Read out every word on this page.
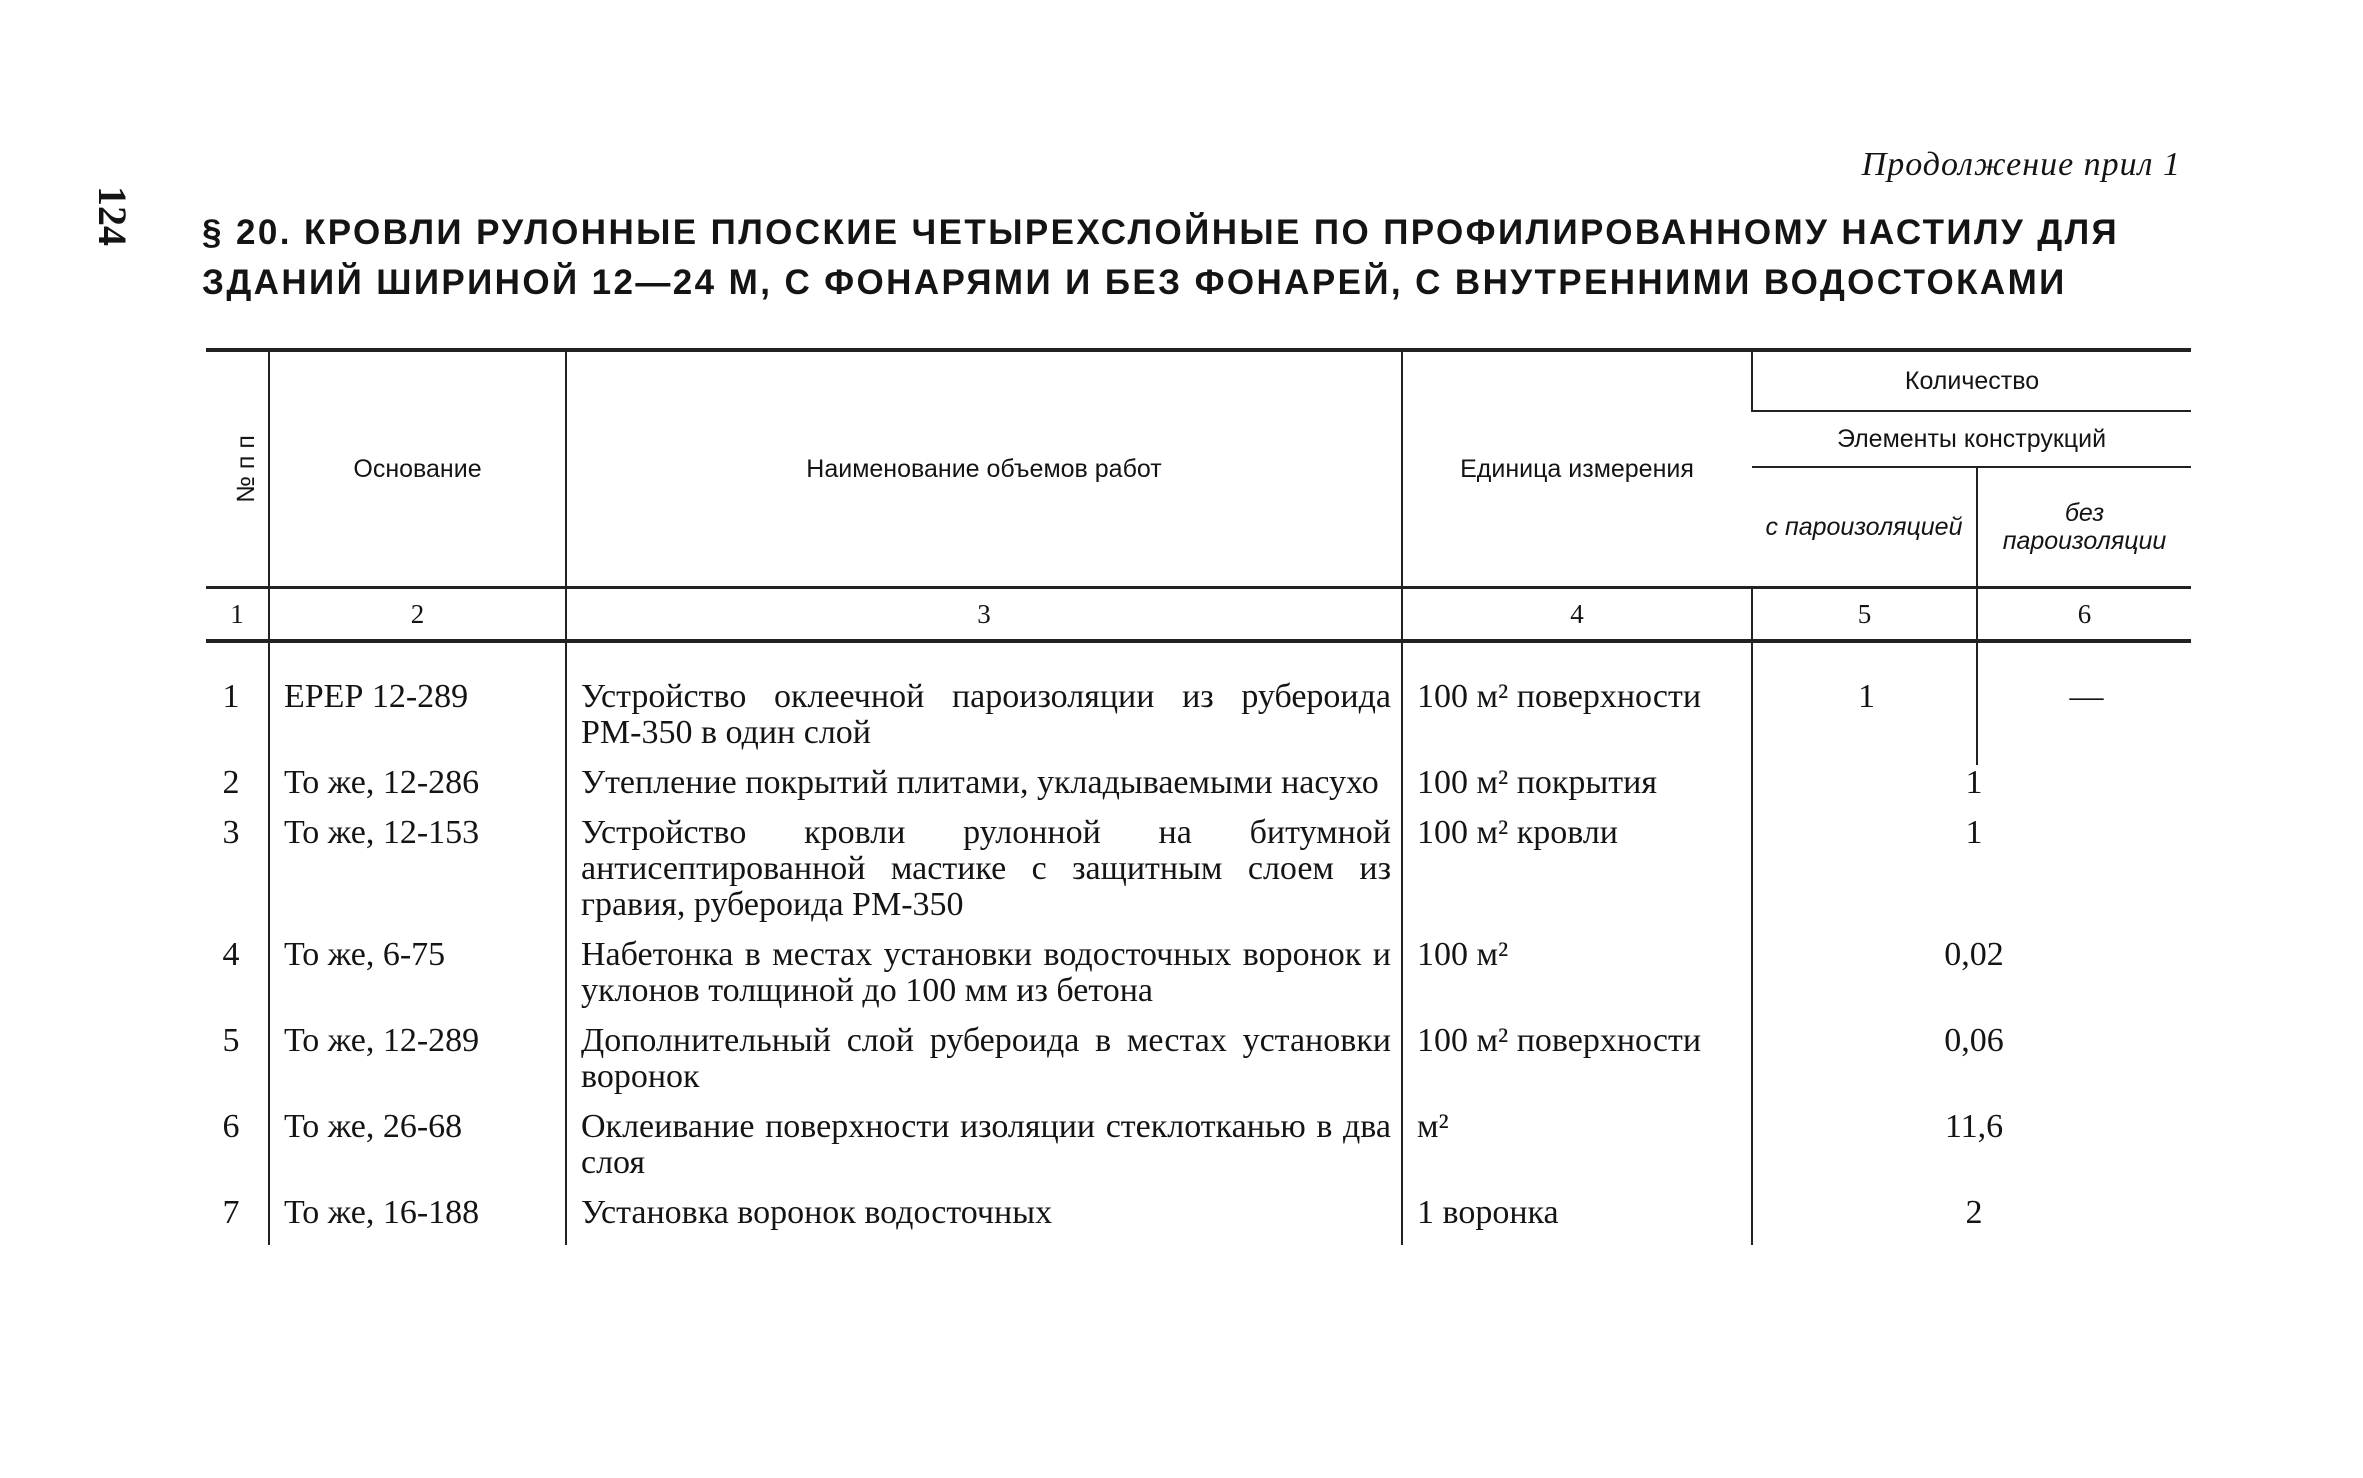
124
Продолжение прил 1
§ 20. КРОВЛИ РУЛОННЫЕ ПЛОСКИЕ ЧЕТЫРЕХСЛОЙНЫЕ ПО ПРОФИЛИРОВАННОМУ НАСТИЛУ ДЛЯ
ЗДАНИЙ ШИРИНОЙ 12—24 М, С ФОНАРЯМИ И БЕЗ ФОНАРЕЙ, С ВНУТРЕННИМИ ВОДОСТОКАМИ
№ п п	Основание	Наименование объемов работ	Единица измерения	Количество	
				Элементы конструкций	
				с пароизоляцией	без пароизоляции
1	2	3	4	5	6
1	ЕРЕР 12-289	Устройство оклеечной пароизоляции из рубероида РМ-350 в один слой	100 м² поверхности	1	—
2	То же, 12-286	Утепление покрытий плитами, укладываемыми насухо	100 м² покрытия	1	
3	То же, 12-153	Устройство кровли рулонной на битумной антисептированной мастике с защитным слоем из гравия, рубероида РМ-350	100 м² кровли	1	
4	То же, 6-75	Набетонка в местах установки водосточных воронок и уклонов толщиной до 100 мм из бетона	100 м²	0,02	
5	То же, 12-289	Дополнительный слой рубероида в местах установки воронок	100 м² поверхности	0,06	
6	То же, 26-68	Оклеивание поверхности изоляции стеклотканью в два слоя	м²	11,6	
7	То же, 16-188	Установка воронок водосточных	1 воронка	2	
